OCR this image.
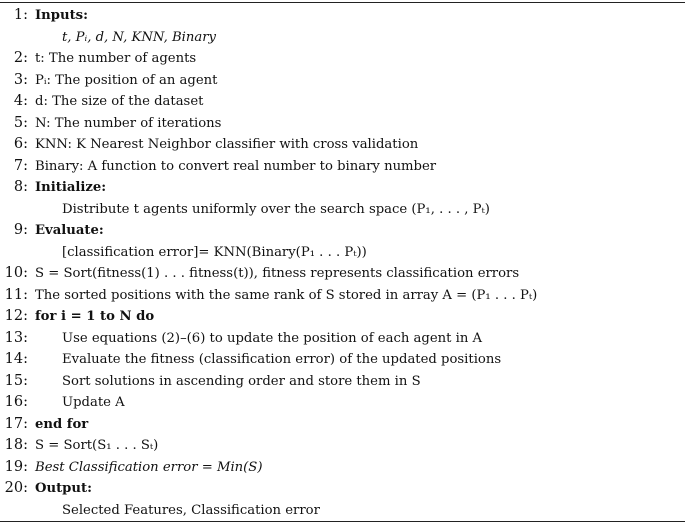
1: Inputs:
t, Pᵢ, d, N, KNN, Binary
2: t: The number of agents
3: Pᵢ: The position of an agent
4: d: The size of the dataset
5: N: The number of iterations
6: KNN: K Nearest Neighbor classifier with cross validation
7: Binary: A function to convert real number to binary number
8: Initialize:
Distribute t agents uniformly over the search space (P₁, . . . , Pₜ)
9: Evaluate:
[classification error]= KNN(Binary(P₁ . . . Pₜ))
10: S = Sort(fitness(1) . . . fitness(t)), fitness represents classification errors
11: The sorted positions with the same rank of S stored in array A = (P₁ . . . Pₜ)
12: for i = 1 to N do
13:	Use equations (2)–(6) to update the position of each agent in A
14:	Evaluate the fitness (classification error) of the updated positions
15:	Sort solutions in ascending order and store them in S
16:	Update A
17: end for
18: S = Sort(S₁ . . . Sₜ)
19: Best Classification error = Min(S)
20: Output:
Selected Features, Classification error
